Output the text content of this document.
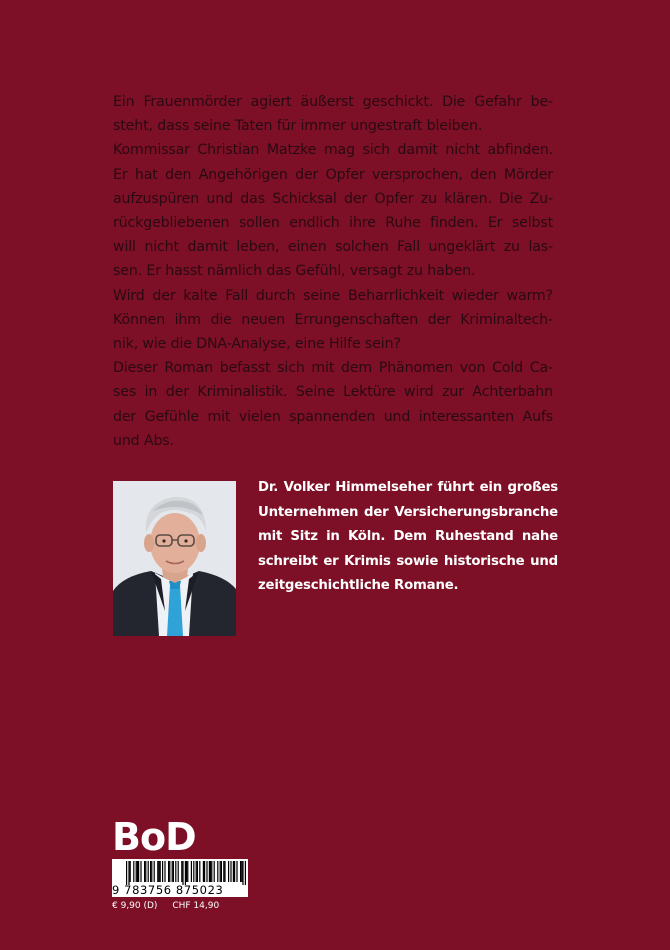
Ein Frauenmörder agiert äußerst geschickt. Die Gefahr be-
steht, dass seine Taten für immer ungestraft bleiben.
Kommissar Christian Matzke mag sich damit nicht abfinden.
Er hat den Angehörigen der Opfer versprochen, den Mörder
aufzuspüren und das Schicksal der Opfer zu klären. Die Zu-
rückgebliebenen sollen endlich ihre Ruhe finden. Er selbst
will nicht damit leben, einen solchen Fall ungeklärt zu las-
sen. Er hasst nämlich das Gefühl, versagt zu haben.
Wird der kalte Fall durch seine Beharrlichkeit wieder warm?
Können ihm die neuen Errungenschaften der Kriminaltech-
nik, wie die DNA-Analyse, eine Hilfe sein?
Dieser Roman befasst sich mit dem Phänomen von Cold Ca-
ses in der Kriminalistik. Seine Lektüre wird zur Achterbahn
der Gefühle mit vielen spannenden und interessanten Aufs
und Abs.
Dr. Volker Himmelseher führt ein großes
Unternehmen der Versicherungsbranche
mit Sitz in Köln. Dem Ruhestand nahe
schreibt er Krimis sowie historische und
zeitgeschichtliche Romane.
BoD
9 783756 875023
€ 9,90 (D) CHF 14,90
